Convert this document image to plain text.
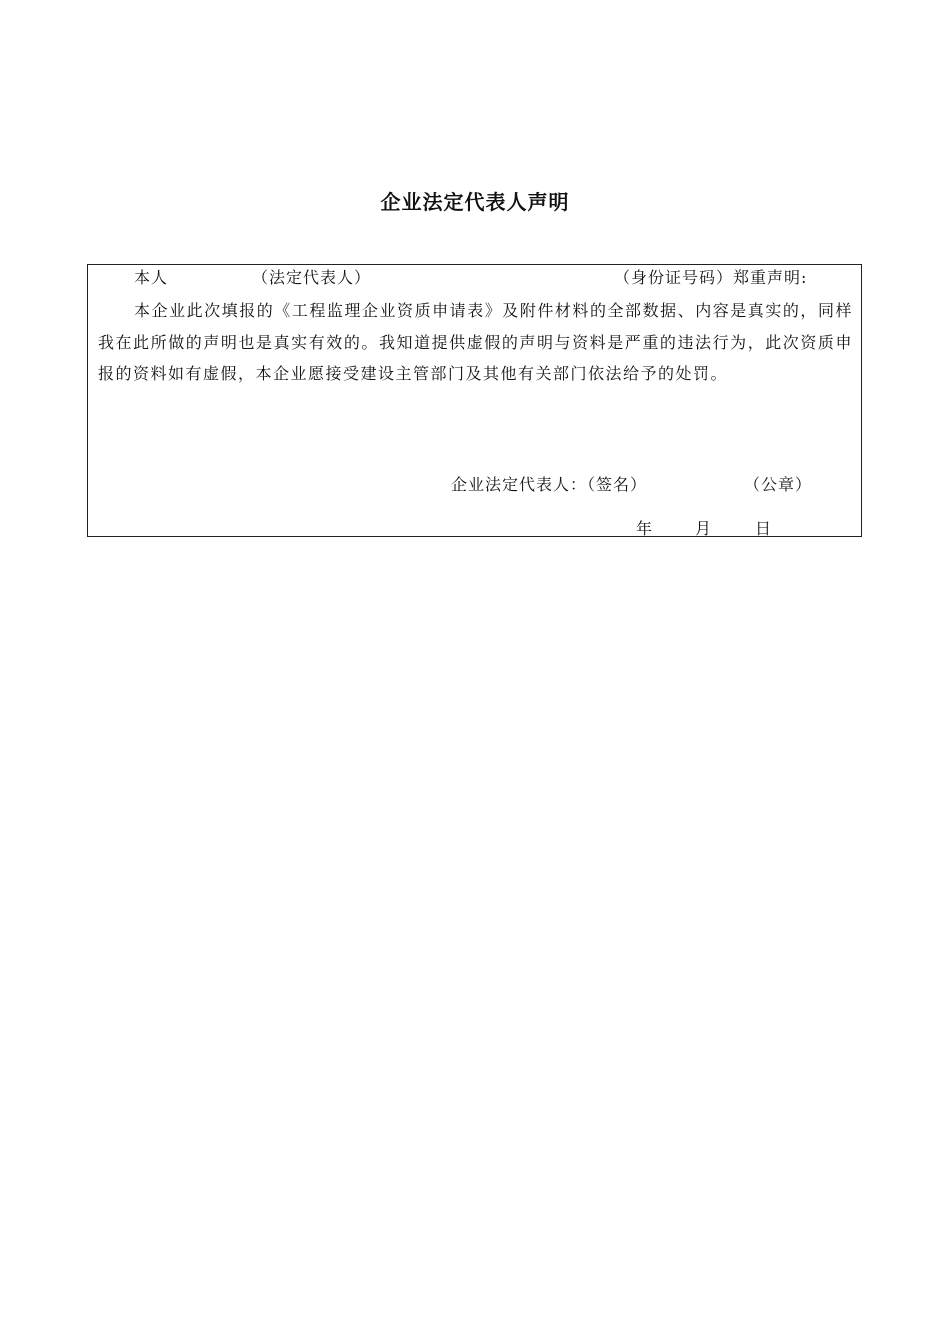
企业法定代表人声明
本人	（法定代表人）	（身份证号码）郑重声明:

本企业此次填报的《工程监理企业资质申请表》及附件材料的全部数据、内容是真实的，同样我在此所做的声明也是真实有效的。我知道提供虚假的声明与资料是严重的违法行为，此次资质申报的资料如有虚假，本企业愿接受建设主管部门及其他有关部门依法给予的处罚。

企业法定代表人：（签名）	（公章）
年	月	日
